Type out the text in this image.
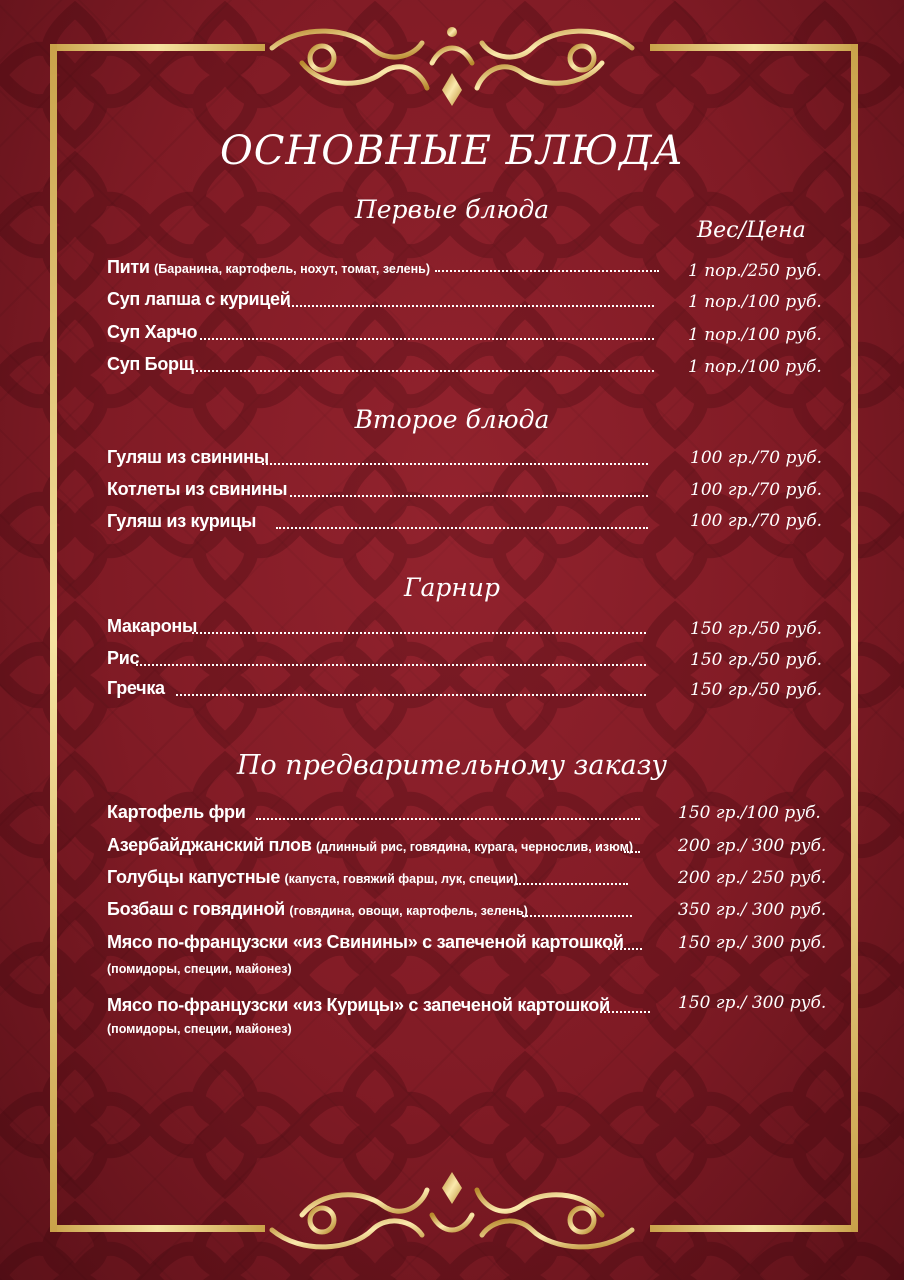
ОСНОВНЫЕ БЛЮДА
Первые блюда
Вес/Цена
Пити (Баранина, картофель, нохут, томат, зелень)	1 пор./250 руб.
Суп лапша с курицей	1 пор./100 руб.
Суп Харчо	1 пор./100 руб.
Суп Борщ	1 пор./100 руб.
Второе блюда
Гуляш из свинины	100 гр./70 руб.
Котлеты из свинины	100 гр./70 руб.
Гуляш из курицы	100 гр./70 руб.
Гарнир
Макароны	150 гр./50 руб.
Рис	150 гр./50 руб.
Гречка	150 гр./50 руб.
По предварительному заказу
Картофель фри	150 гр./100 руб.
Азербайджанский плов (длинный рис, говядина, курага, чернослив, изюм)	200 гр./ 300 руб.
Голубцы капустные (капуста, говяжий фарш, лук, специи)	200 гр./ 250 руб.
Бозбаш с говядиной (говядина, овощи, картофель, зелень)	350 гр./ 300 руб.
Мясо по-французски «из Свинины» с запеченой картошкой	150 гр./ 300 руб.
(помидоры, специи, майонез)
Мясо по-французски «из Курицы» с запеченой картошкой	150 гр./ 300 руб.
(помидоры, специи, майонез)
